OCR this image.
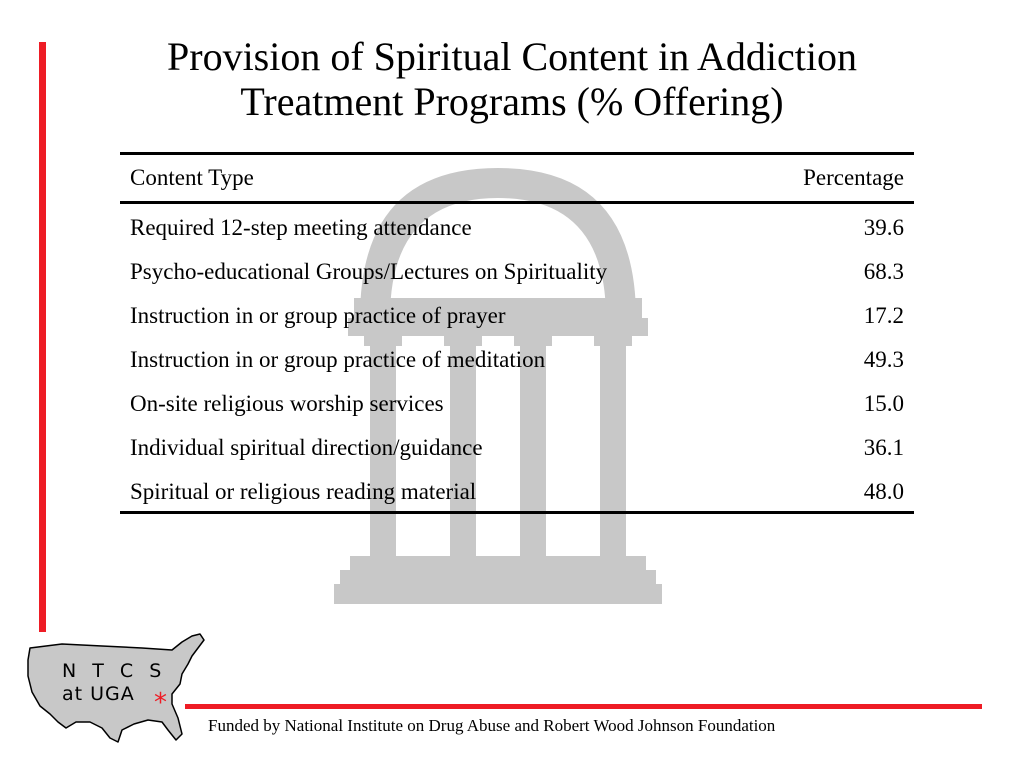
Provision of Spiritual Content in Addiction Treatment Programs (% Offering)
Content Type	Percentage
Required 12-step meeting attendance	39.6
Psycho-educational Groups/Lectures on Spirituality	68.3
Instruction in or group practice of prayer	17.2
Instruction in or group practice of meditation	49.3
On-site religious worship services	15.0
Individual spiritual direction/guidance	36.1
Spiritual or religious reading material	48.0
N T C S
at UGA *
Funded by National Institute on Drug Abuse and Robert Wood Johnson Foundation
